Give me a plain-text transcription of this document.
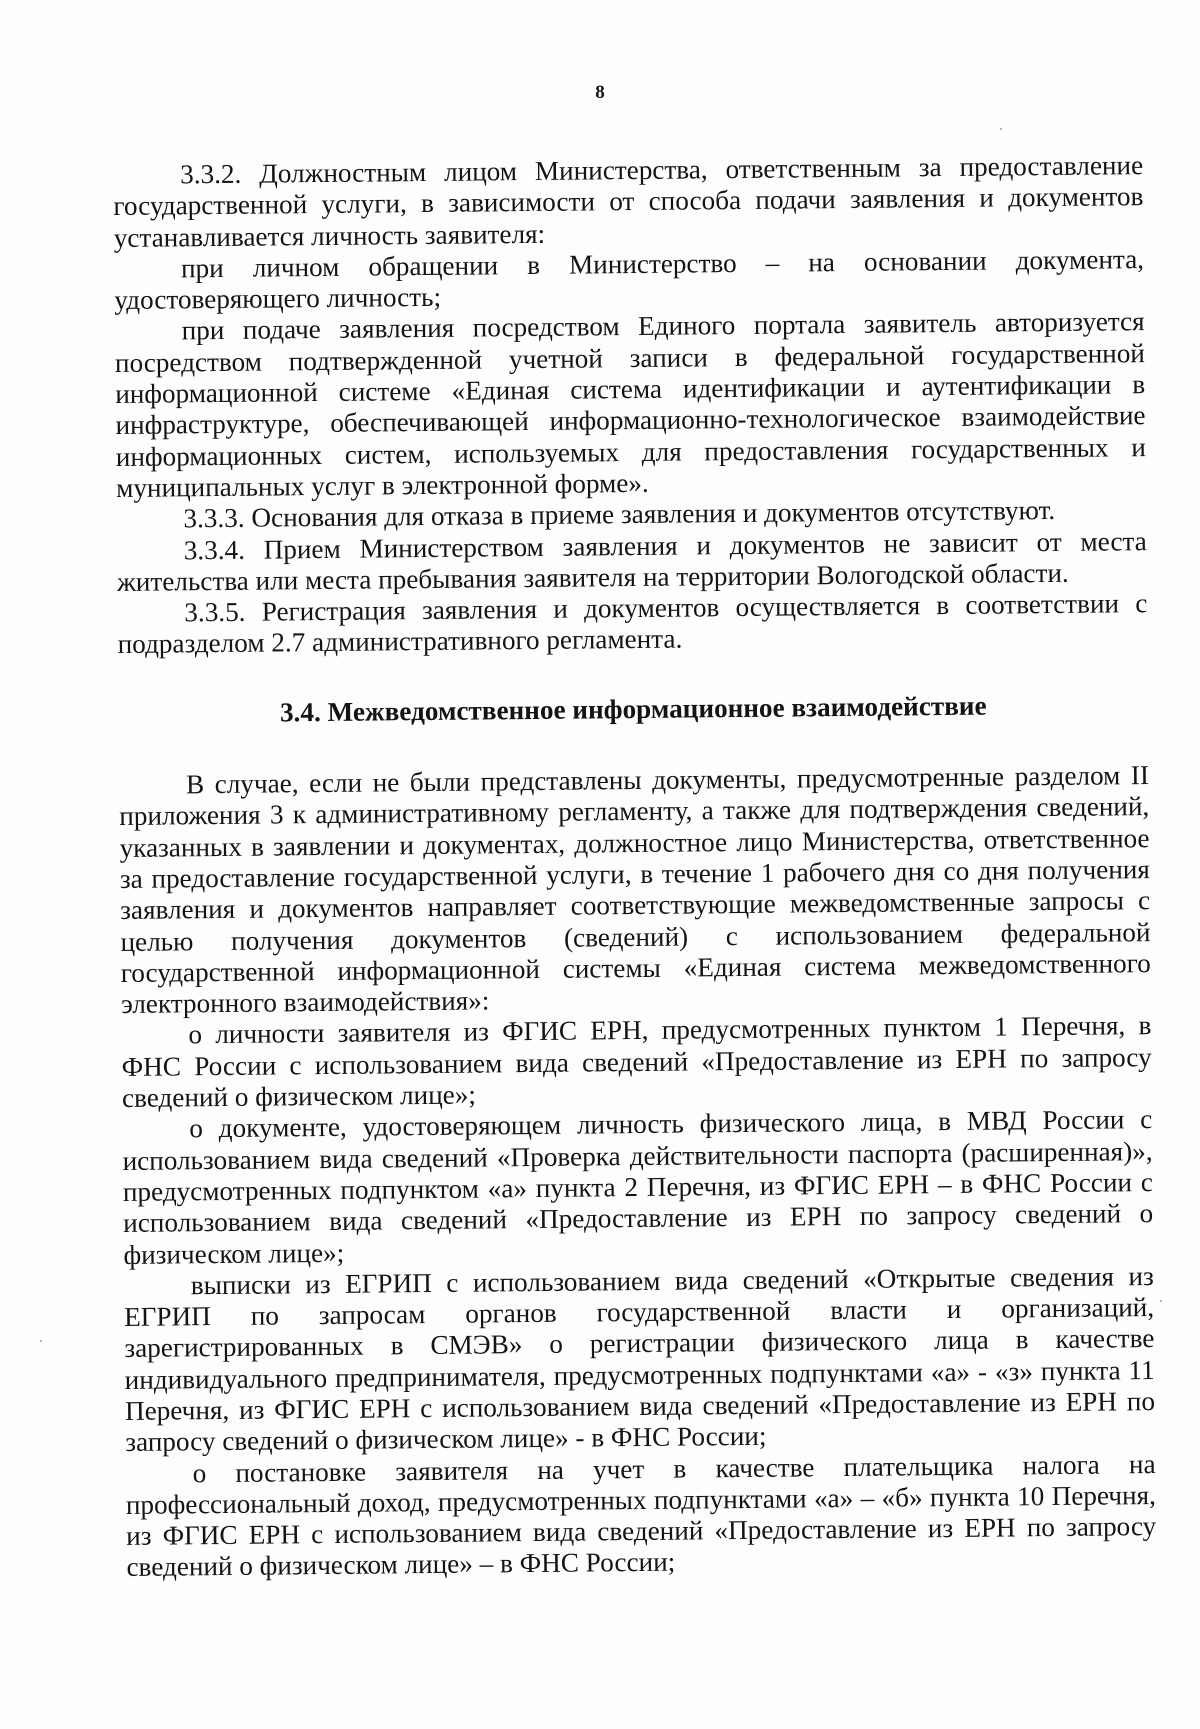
8

3.3.2. Должностным лицом Министерства, ответственным за предоставление государственной услуги, в зависимости от способа подачи заявления и документов устанавливается личность заявителя:

при личном обращении в Министерство – на основании документа, удостоверяющего личность;

при подаче заявления посредством Единого портала заявитель авторизуется посредством подтвержденной учетной записи в федеральной государственной информационной системе «Единая система идентификации и аутентификации в инфраструктуре, обеспечивающей информационно-технологическое взаимодействие информационных систем, используемых для предоставления государственных и муниципальных услуг в электронной форме».

3.3.3. Основания для отказа в приеме заявления и документов отсутствуют.

3.3.4. Прием Министерством заявления и документов не зависит от места жительства или места пребывания заявителя на территории Вологодской области.

3.3.5. Регистрация заявления и документов осуществляется в соответствии с подразделом 2.7 административного регламента.

3.4. Межведомственное информационное взаимодействие

В случае, если не были представлены документы, предусмотренные разделом II приложения 3 к административному регламенту, а также для подтверждения сведений, указанных в заявлении и документах, должностное лицо Министерства, ответственное за предоставление государственной услуги, в течение 1 рабочего дня со дня получения заявления и документов направляет соответствующие межведомственные запросы с целью получения документов (сведений) с использованием федеральной государственной информационной системы «Единая система межведомственного электронного взаимодействия»:

о личности заявителя из ФГИС ЕРН, предусмотренных пунктом 1 Перечня, в ФНС России с использованием вида сведений «Предоставление из ЕРН по запросу сведений о физическом лице»;

о документе, удостоверяющем личность физического лица, в МВД России с использованием вида сведений «Проверка действительности паспорта (расширенная)», предусмотренных подпунктом «а» пункта 2 Перечня, из ФГИС ЕРН – в ФНС России с использованием вида сведений «Предоставление из ЕРН по запросу сведений о физическом лице»;

выписки из ЕГРИП с использованием вида сведений «Открытые сведения из ЕГРИП по запросам органов государственной власти и организаций, зарегистрированных в СМЭВ» о регистрации физического лица в качестве индивидуального предпринимателя, предусмотренных подпунктами «а» - «з» пункта 11 Перечня, из ФГИС ЕРН с использованием вида сведений «Предоставление из ЕРН по запросу сведений о физическом лице» - в ФНС России;

о постановке заявителя на учет в качестве плательщика налога на профессиональный доход, предусмотренных подпунктами «а» – «б» пункта 10 Перечня, из ФГИС ЕРН с использованием вида сведений «Предоставление из ЕРН по запросу сведений о физическом лице» – в ФНС России;
